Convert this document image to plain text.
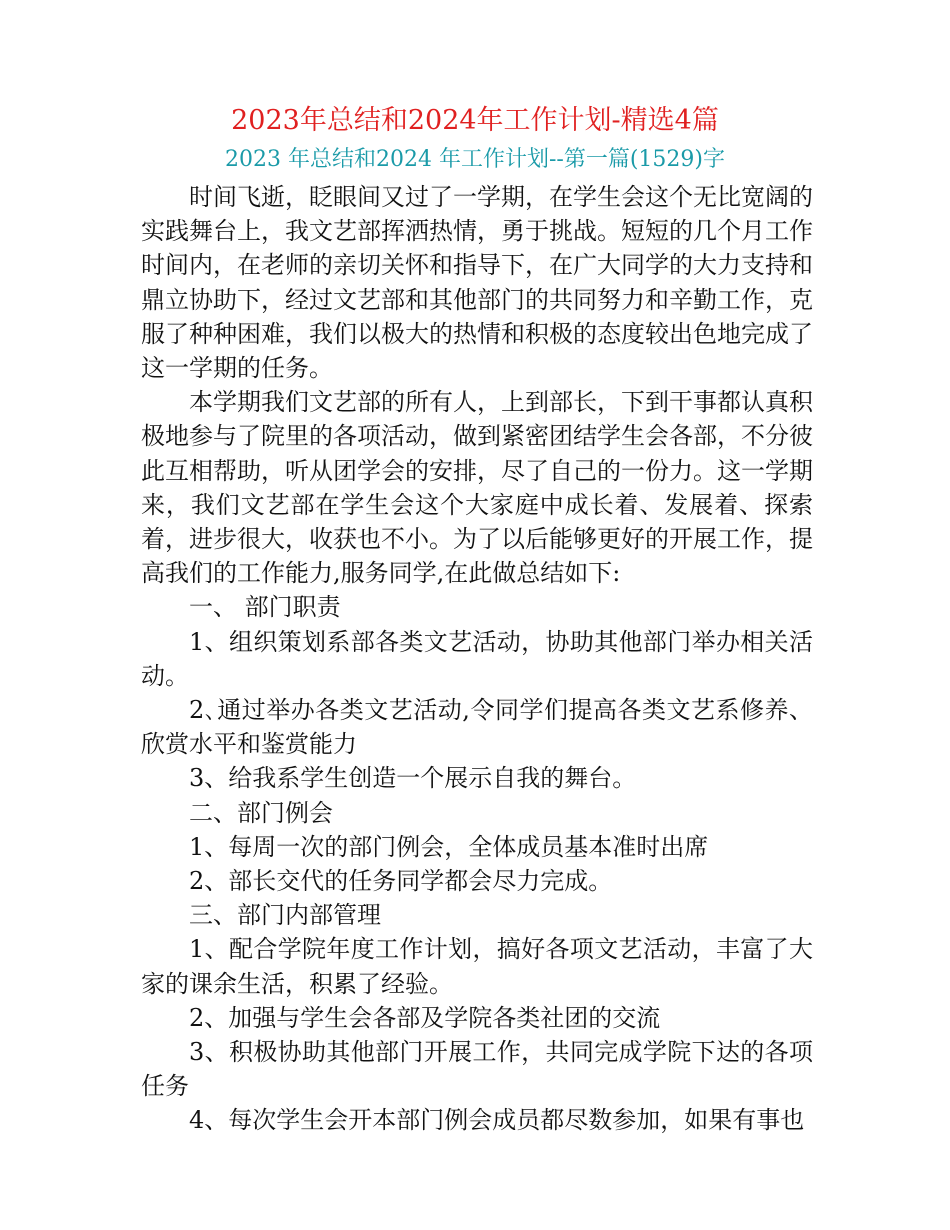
2023年总结和2024年工作计划-精选4篇
2023 年总结和2024 年工作计划--第一篇(1529)字

时间飞逝，眨眼间又过了一学期，在学生会这个无比宽阔的实践舞台上，我文艺部挥洒热情，勇于挑战。短短的几个月工作时间内，在老师的亲切关怀和指导下，在广大同学的大力支持和鼎立协助下，经过文艺部和其他部门的共同努力和辛勤工作，克服了种种困难，我们以极大的热情和积极的态度较出色地完成了这一学期的任务。

本学期我们文艺部的所有人，上到部长，下到干事都认真积极地参与了院里的各项活动，做到紧密团结学生会各部，不分彼此互相帮助，听从团学会的安排，尽了自己的一份力。这一学期来，我们文艺部在学生会这个大家庭中成长着、发展着、探索着，进步很大，收获也不小。为了以后能够更好的开展工作，提高我们的工作能力,服务同学,在此做总结如下:

一、 部门职责

1、组织策划系部各类文艺活动，协助其他部门举办相关活动。

2､通过举办各类文艺活动,令同学们提高各类文艺系修养、欣赏水平和鉴赏能力

3、给我系学生创造一个展示自我的舞台。

二、部门例会

1、每周一次的部门例会，全体成员基本准时出席

2、部长交代的任务同学都会尽力完成。

三、部门内部管理

1、配合学院年度工作计划，搞好各项文艺活动，丰富了大家的课余生活，积累了经验。

2、加强与学生会各部及学院各类社团的交流

3、积极协助其他部门开展工作，共同完成学院下达的各项任务

4、每次学生会开本部门例会成员都尽数参加，如果有事也
